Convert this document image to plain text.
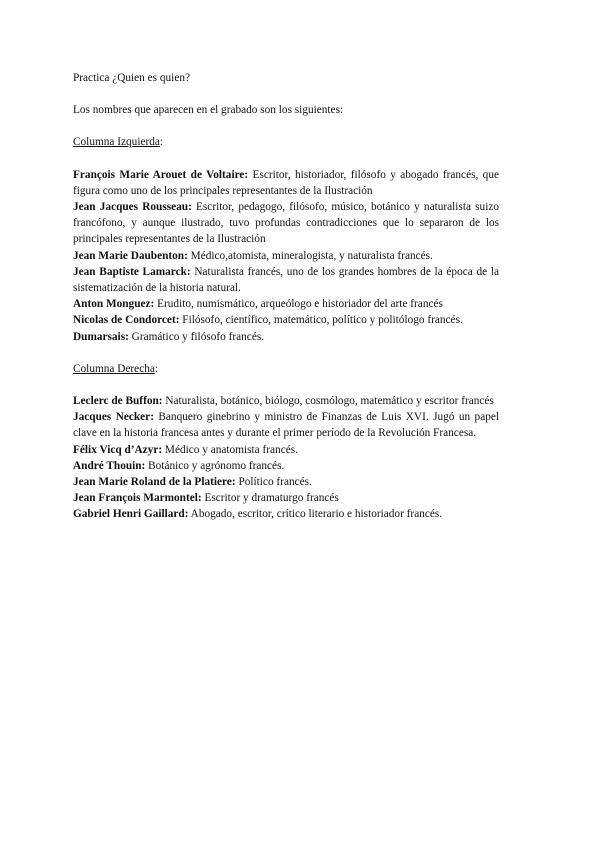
Practica ¿Quien es quien?

Los nombres que aparecen en el grabado son los siguientes:

Columna Izquierda:

François Marie Arouet de Voltaire: Escritor, historiador, filósofo y abogado francés, que figura como uno de los principales representantes de la Ilustración

Jean Jacques Rousseau: Escritor, pedagogo, filósofo, músico, botánico y naturalista suizo francófono, y aunque ilustrado, tuvo profundas contradicciones que lo separaron de los principales representantes de la Ilustración

Jean Marie Daubenton: Médico,atomista, mineralogista, y naturalista francés.

Jean Baptiste Lamarck: Naturalista francés, uno de los grandes hombres de la época de la sistematización de la historia natural.

Anton Monguez: Erudito, numismático, arqueólogo e historiador del arte francés

Nicolas de Condorcet: Filósofo, científico, matemático, político y politólogo francés.

Dumarsais: Gramático y filósofo francés.

Columna Derecha:

Leclerc de Buffon: Naturalista, botánico, biólogo, cosmólogo, matemático y escritor francés

Jacques Necker: Banquero ginebrino y ministro de Finanzas de Luis XVI. Jugó un papel clave en la historia francesa antes y durante el primer período de la Revolución Francesa.

Félix Vicq d’Azyr: Médico y anatomista francés.

André Thouin: Botánico y agrónomo francés.

Jean Marie Roland de la Platiere: Político francés.

Jean François Marmontel: Escritor y dramaturgo francés

Gabriel Henri Gaillard: Abogado, escritor, crítico literario e historiador francés.
